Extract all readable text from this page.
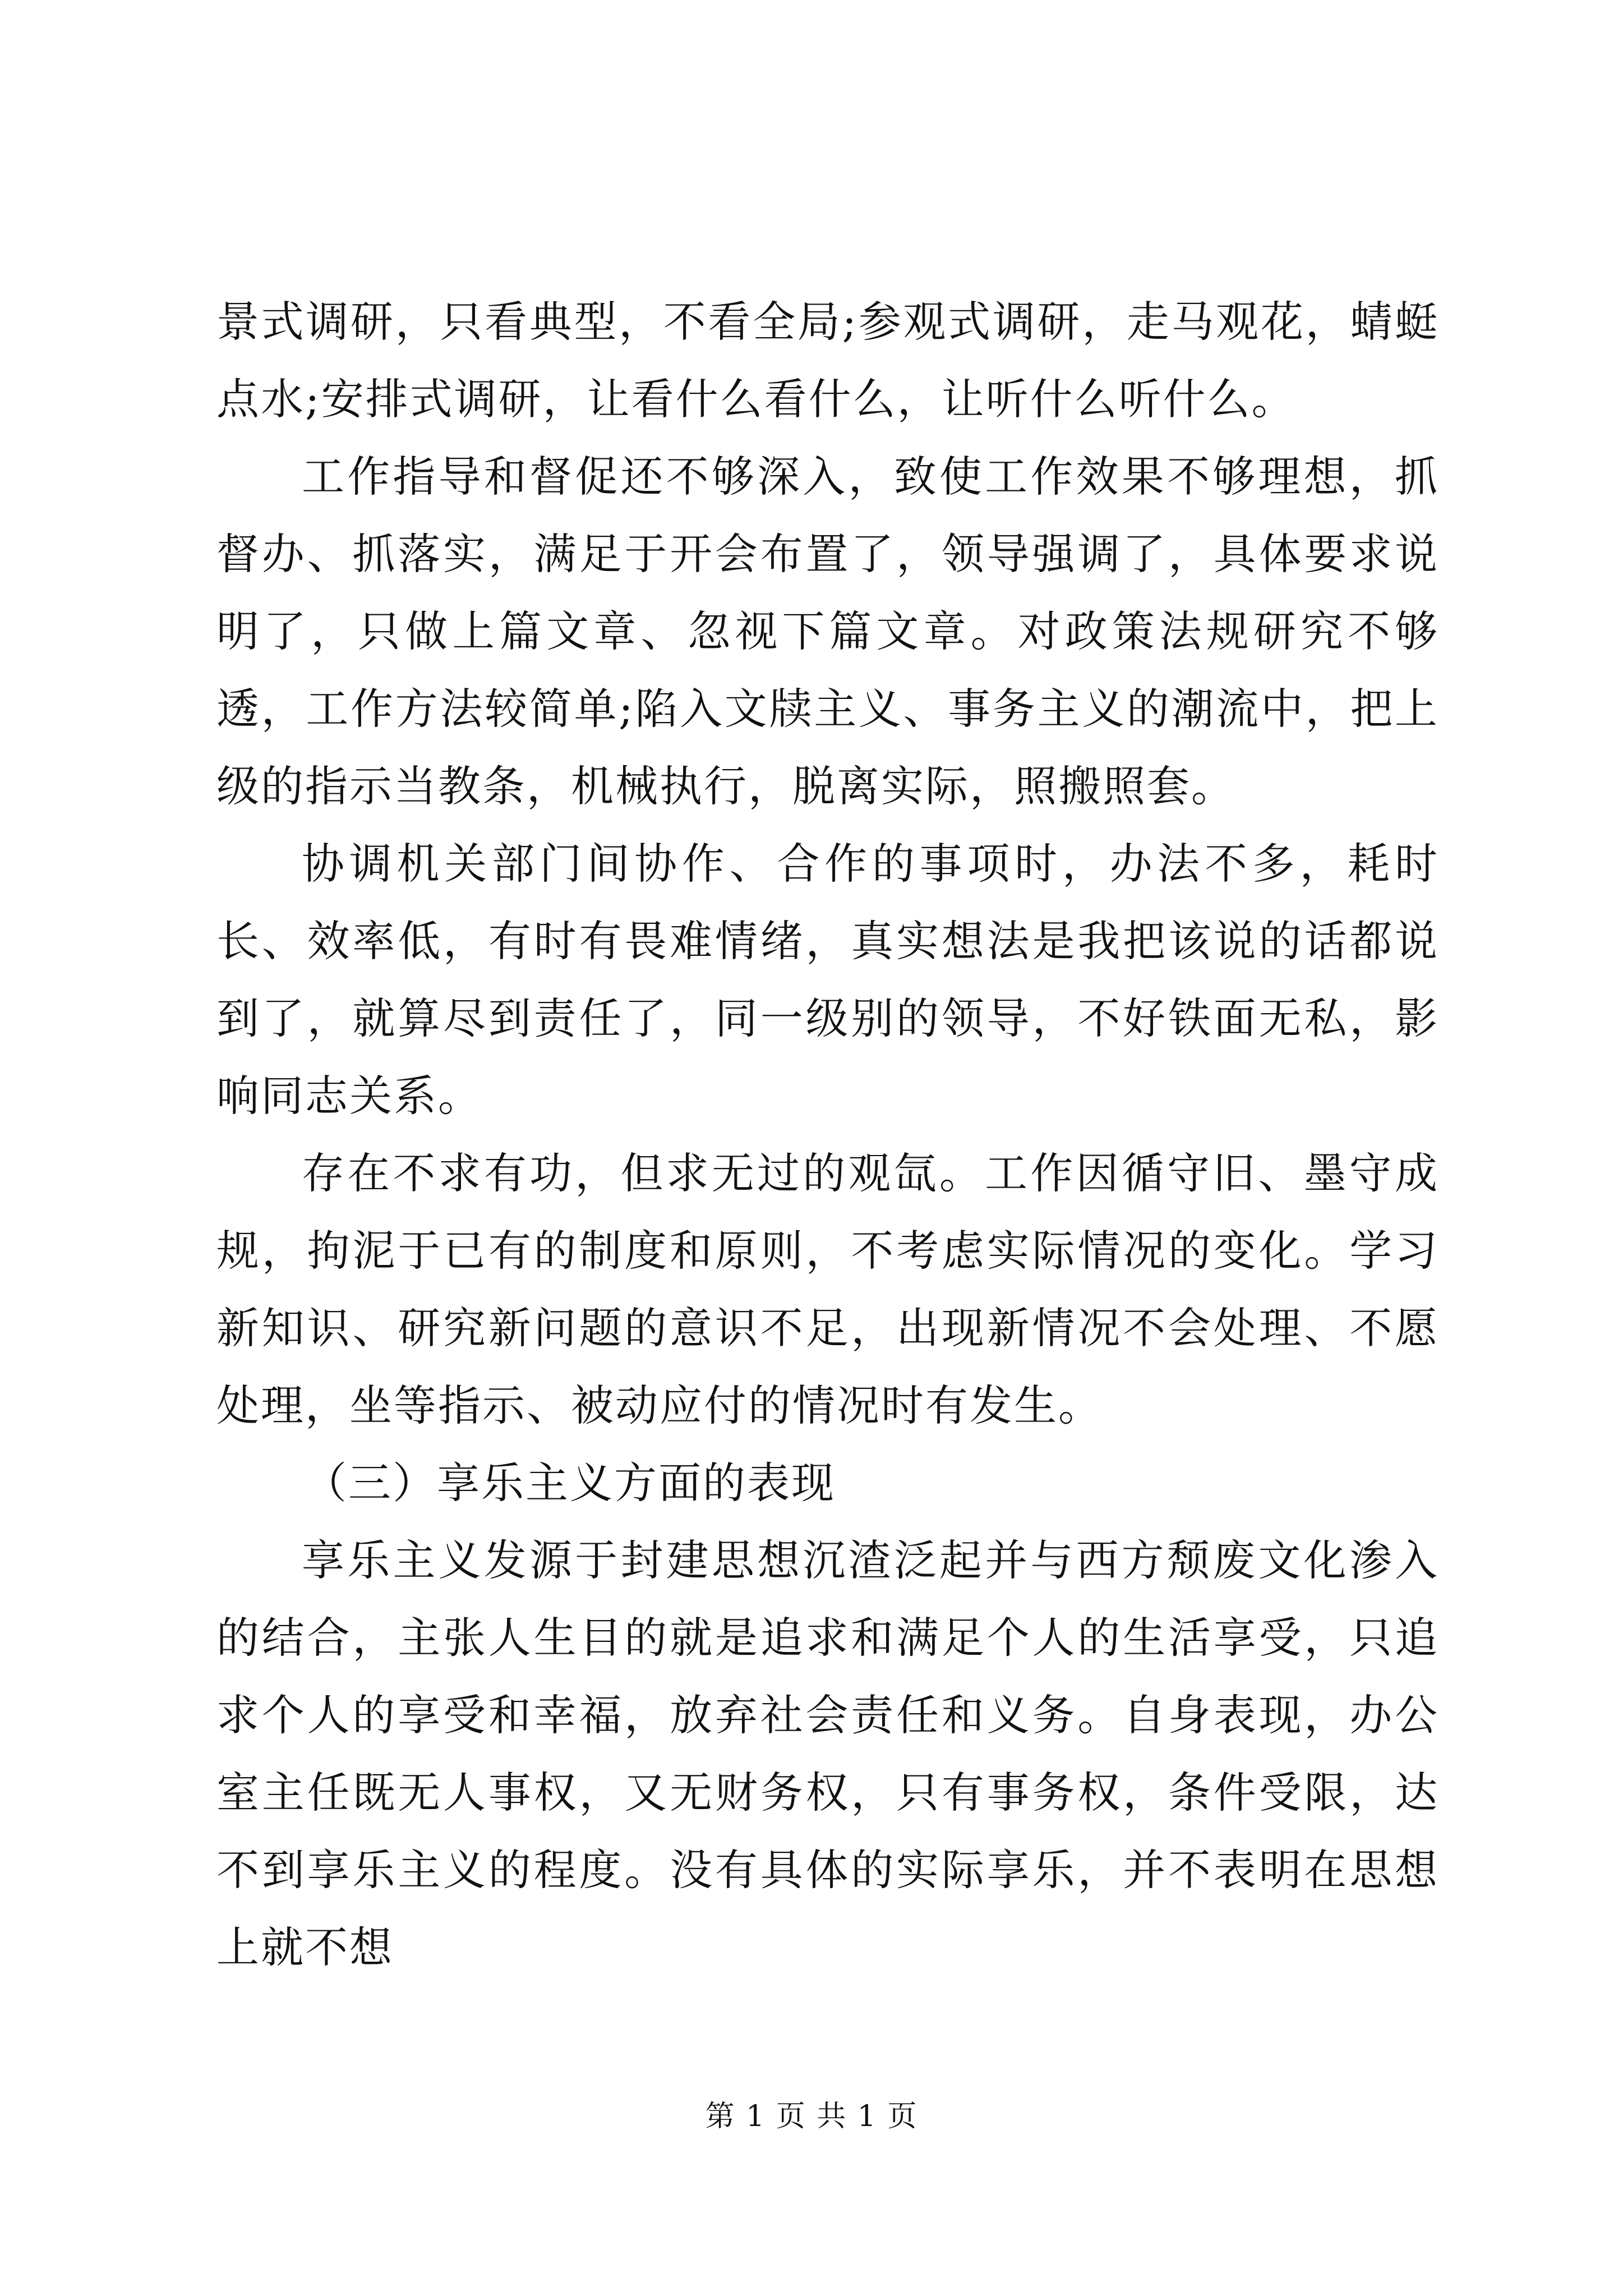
景式调研，只看典型，不看全局;参观式调研，走马观花，蜻蜓点水;安排式调研，让看什么看什么，让听什么听什么。

工作指导和督促还不够深入，致使工作效果不够理想，抓督办、抓落实，满足于开会布置了，领导强调了，具体要求说明了，只做上篇文章、忽视下篇文章。对政策法规研究不够透，工作方法较简单;陷入文牍主义、事务主义的潮流中，把上级的指示当教条，机械执行，脱离实际，照搬照套。

协调机关部门间协作、合作的事项时，办法不多，耗时长、效率低，有时有畏难情绪，真实想法是我把该说的话都说到了，就算尽到责任了，同一级别的领导，不好铁面无私，影响同志关系。

存在不求有功，但求无过的观氙。工作因循守旧、墨守成规，拘泥于已有的制度和原则，不考虑实际情况的变化。学习新知识、研究新问题的意识不足，出现新情况不会处理、不愿处理，坐等指示、被动应付的情况时有发生。

（三）享乐主义方面的表现

享乐主义发源于封建思想沉渣泛起并与西方颓废文化渗入的结合，主张人生目的就是追求和满足个人的生活享受，只追求个人的享受和幸福，放弃社会责任和义务。自身表现，办公室主任既无人事权，又无财务权，只有事务权，条件受限，达不到享乐主义的程度。没有具体的实际享乐，并不表明在思想上就不想

第 1 页 共 1 页
